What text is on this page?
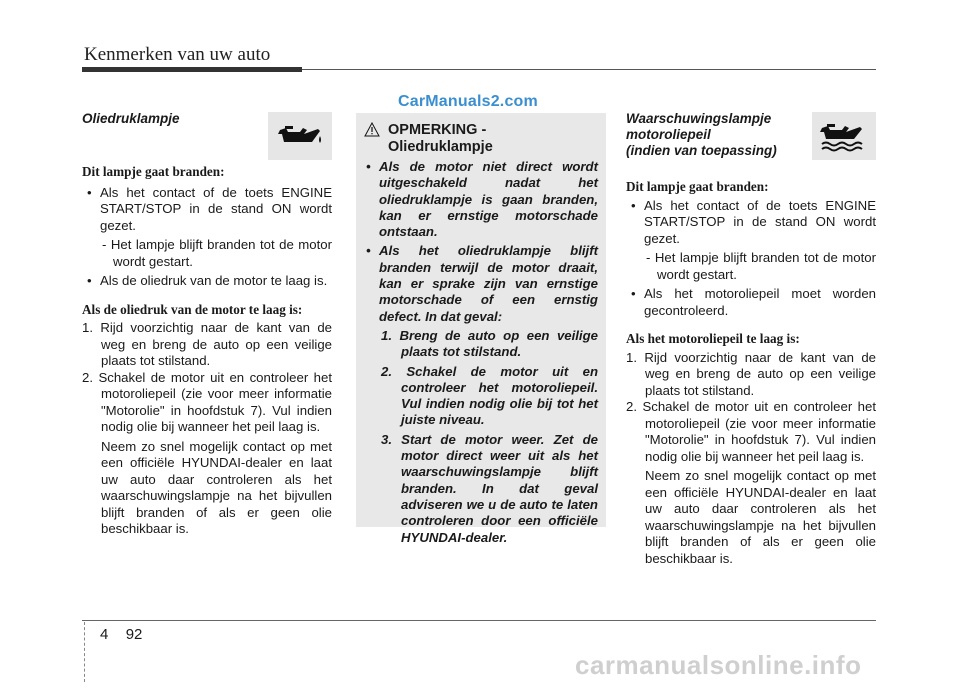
Kenmerken van uw auto
CarManuals2.com
Oliedruklampje
Dit lampje gaat branden:

• Als het contact of de toets ENGINE START/STOP in de stand ON wordt gezet.

- Het lampje blijft branden tot de motor wordt gestart.

• Als de oliedruk van de motor te laag is.

Als de oliedruk van de motor te laag is:

1. Rijd voorzichtig naar de kant van de weg en breng de auto op een veilige plaats tot stilstand.

2. Schakel de motor uit en controleer het motoroliepeil (zie voor meer informatie "Motorolie" in hoofdstuk 7). Vul indien nodig olie bij wanneer het peil laag is.

Neem zo snel mogelijk contact op met een officiële HYUNDAI-dealer en laat uw auto daar controleren als het waarschuwingslampje na het bijvullen blijft branden of als er geen olie beschikbaar is.

OPMERKING -
Oliedruklampje

• Als de motor niet direct wordt uitgeschakeld nadat het oliedruklampje is gaan branden, kan er ernstige motorschade ontstaan.

• Als het oliedruklampje blijft branden terwijl de motor draait, kan er sprake zijn van ernstige motorschade of een ernstig defect. In dat geval:

1. Breng de auto op een veilige plaats tot stilstand.

2. Schakel de motor uit en controleer het motoroliepeil. Vul indien nodig olie bij tot het juiste niveau.

3. Start de motor weer. Zet de motor direct weer uit als het waarschuwingslampje blijft branden. In dat geval adviseren we u de auto te laten controleren door een officiële HYUNDAI-dealer.

Waarschuwingslampje
motoroliepeil
(indien van toepassing)
Dit lampje gaat branden:

• Als het contact of de toets ENGINE START/STOP in de stand ON wordt gezet.

- Het lampje blijft branden tot de motor wordt gestart.

• Als het motoroliepeil moet worden gecontroleerd.

Als het motoroliepeil te laag is:

1. Rijd voorzichtig naar de kant van de weg en breng de auto op een veilige plaats tot stilstand.

2. Schakel de motor uit en controleer het motoroliepeil (zie voor meer informatie "Motorolie" in hoofdstuk 7). Vul indien nodig olie bij wanneer het peil laag is.

Neem zo snel mogelijk contact op met een officiële HYUNDAI-dealer en laat uw auto daar controleren als het waarschuwingslampje na het bijvullen blijft branden of als er geen olie beschikbaar is.

4 92
carmanualsonline.info
